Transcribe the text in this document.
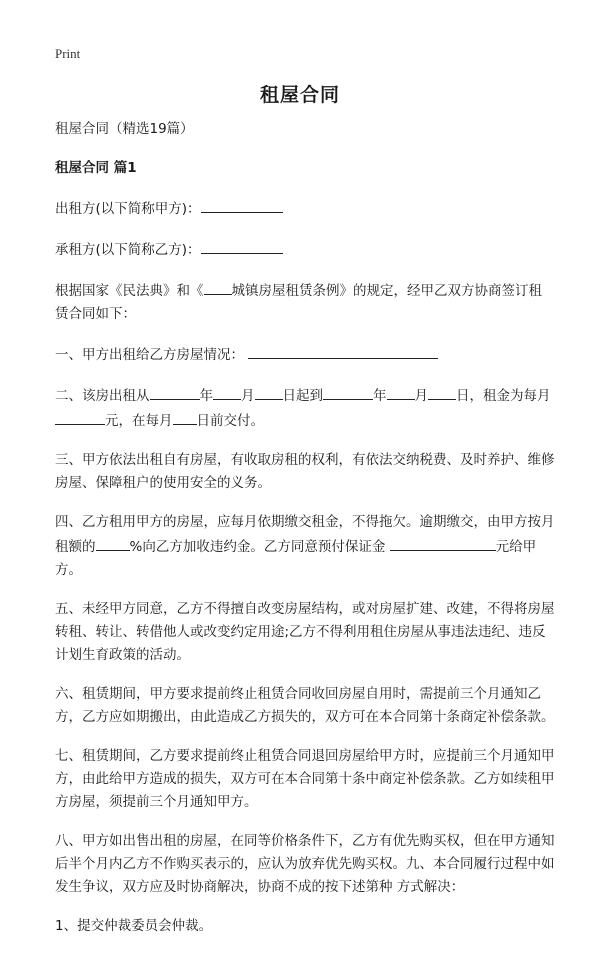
Print
租屋合同

租屋合同（精选19篇）

租屋合同 篇1

出租方(以下简称甲方)：

承租方(以下简称乙方)：

根据国家《民法典》和《 城镇房屋租赁条例》的规定，经甲乙双方协商签订租赁合同如下：

一、甲方出租给乙方房屋情况：

二、该房出租从	年 月 日起到	年 月 日，租金为每月元，在每月 日前交付。

三、甲方依法出租自有房屋，有收取房租的权利，有依法交纳税费、及时养护、维修房屋、保障租户的使用安全的义务。

四、乙方租用甲方的房屋，应每月依期缴交租金，不得拖欠。逾期缴交，由甲方按月租额的	%向乙方加收违约金。乙方同意预付保证金	元给甲方。

五、未经甲方同意，乙方不得擅自改变房屋结构，或对房屋扩建、改建，不得将房屋转租、转让、转借他人或改变约定用途;乙方不得利用租住房屋从事违法违纪、违反计划生育政策的活动。

六、租赁期间，甲方要求提前终止租赁合同收回房屋自用时，需提前三个月通知乙方，乙方应如期搬出，由此造成乙方损失的，双方可在本合同第十条商定补偿条款。

七、租赁期间，乙方要求提前终止租赁合同退回房屋给甲方时，应提前三个月通知甲方，由此给甲方造成的损失，双方可在本合同第十条中商定补偿条款。乙方如续租甲方房屋，须提前三个月通知甲方。

八、甲方如出售出租的房屋，在同等价格条件下，乙方有优先购买权，但在甲方通知后半个月内乙方不作购买表示的，应认为放弃优先购买权。九、本合同履行过程中如发生争议，双方应及时协商解决，协商不成的按下述第种 方式解决：

1、提交仲裁委员会仲裁。
